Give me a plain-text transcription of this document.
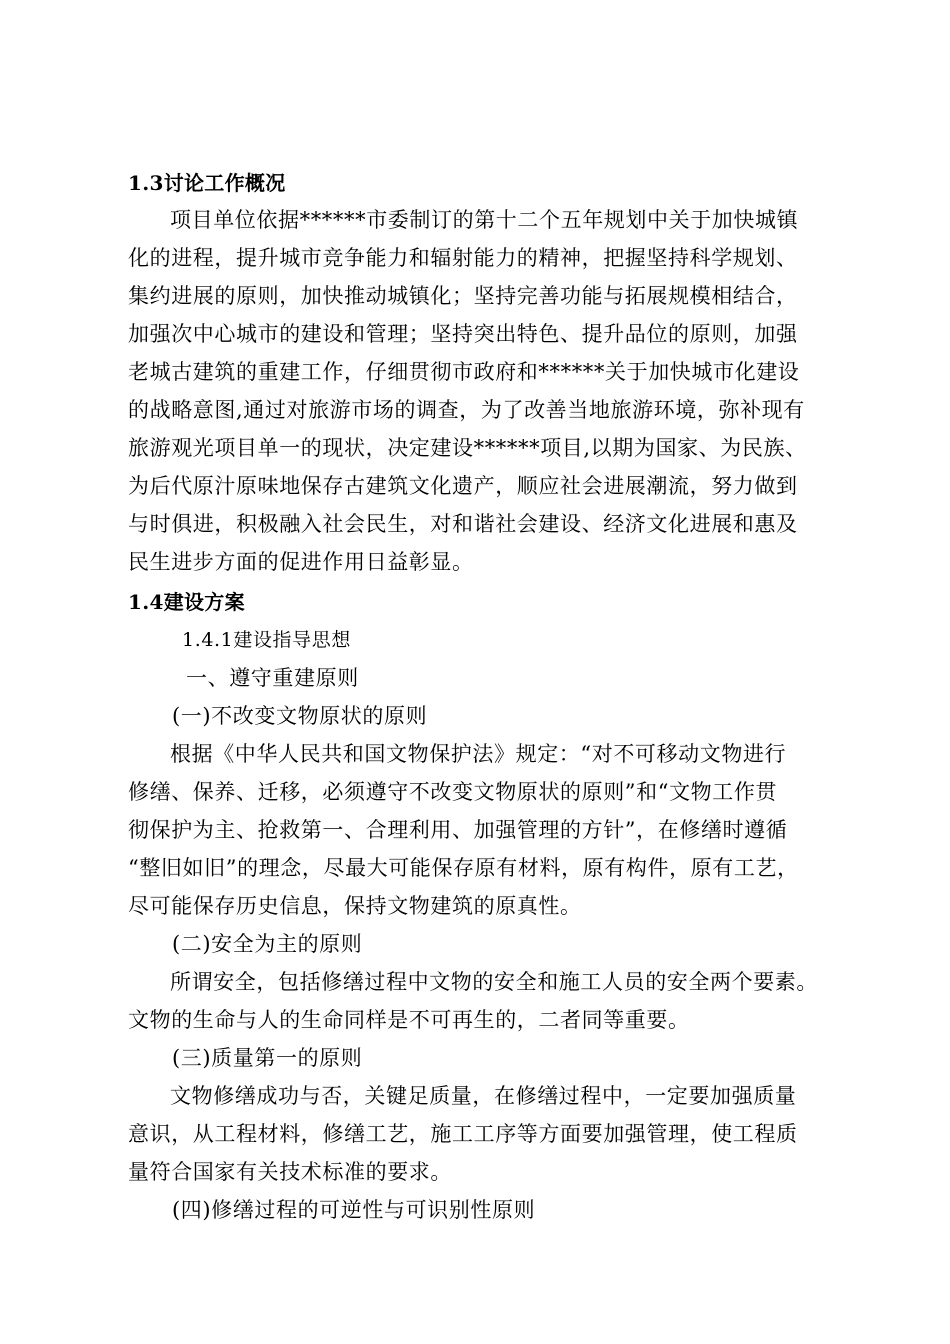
1.3讨论工作概况
项目单位依据******市委制订的第十二个五年规划中关于加快城镇
化的进程，提升城市竞争能力和辐射能力的精神，把握坚持科学规划、
集约进展的原则，加快推动城镇化；坚持完善功能与拓展规模相结合，
加强次中心城市的建设和管理；坚持突出特色、提升品位的原则，加强
老城古建筑的重建工作，仔细贯彻市政府和******关于加快城市化建设
的战略意图,通过对旅游市场的调查，为了改善当地旅游环境，弥补现有
旅游观光项目单一的现状，决定建设******项目,以期为国家、为民族、
为后代原汁原味地保存古建筑文化遗产，顺应社会进展潮流，努力做到
与时俱进，积极融入社会民生，对和谐社会建设、经济文化进展和惠及
民生进步方面的促进作用日益彰显。
1.4建设方案
1.4.1建设指导思想
一、遵守重建原则
(一)不改变文物原状的原则
根据《中华人民共和国文物保护法》规定：“对不可移动文物进行
修缮、保养、迁移，必须遵守不改变文物原状的原则”和“文物工作贯
彻保护为主、抢救第一、合理利用、加强管理的方针”，在修缮时遵循
“整旧如旧”的理念，尽最大可能保存原有材料，原有构件，原有工艺，
尽可能保存历史信息，保持文物建筑的原真性。
(二)安全为主的原则
所谓安全，包括修缮过程中文物的安全和施工人员的安全两个要素。
文物的生命与人的生命同样是不可再生的，二者同等重要。
(三)质量第一的原则
文物修缮成功与否，关键足质量，在修缮过程中，一定要加强质量
意识，从工程材料，修缮工艺，施工工序等方面要加强管理，使工程质
量符合国家有关技术标准的要求。
(四)修缮过程的可逆性与可识别性原则
